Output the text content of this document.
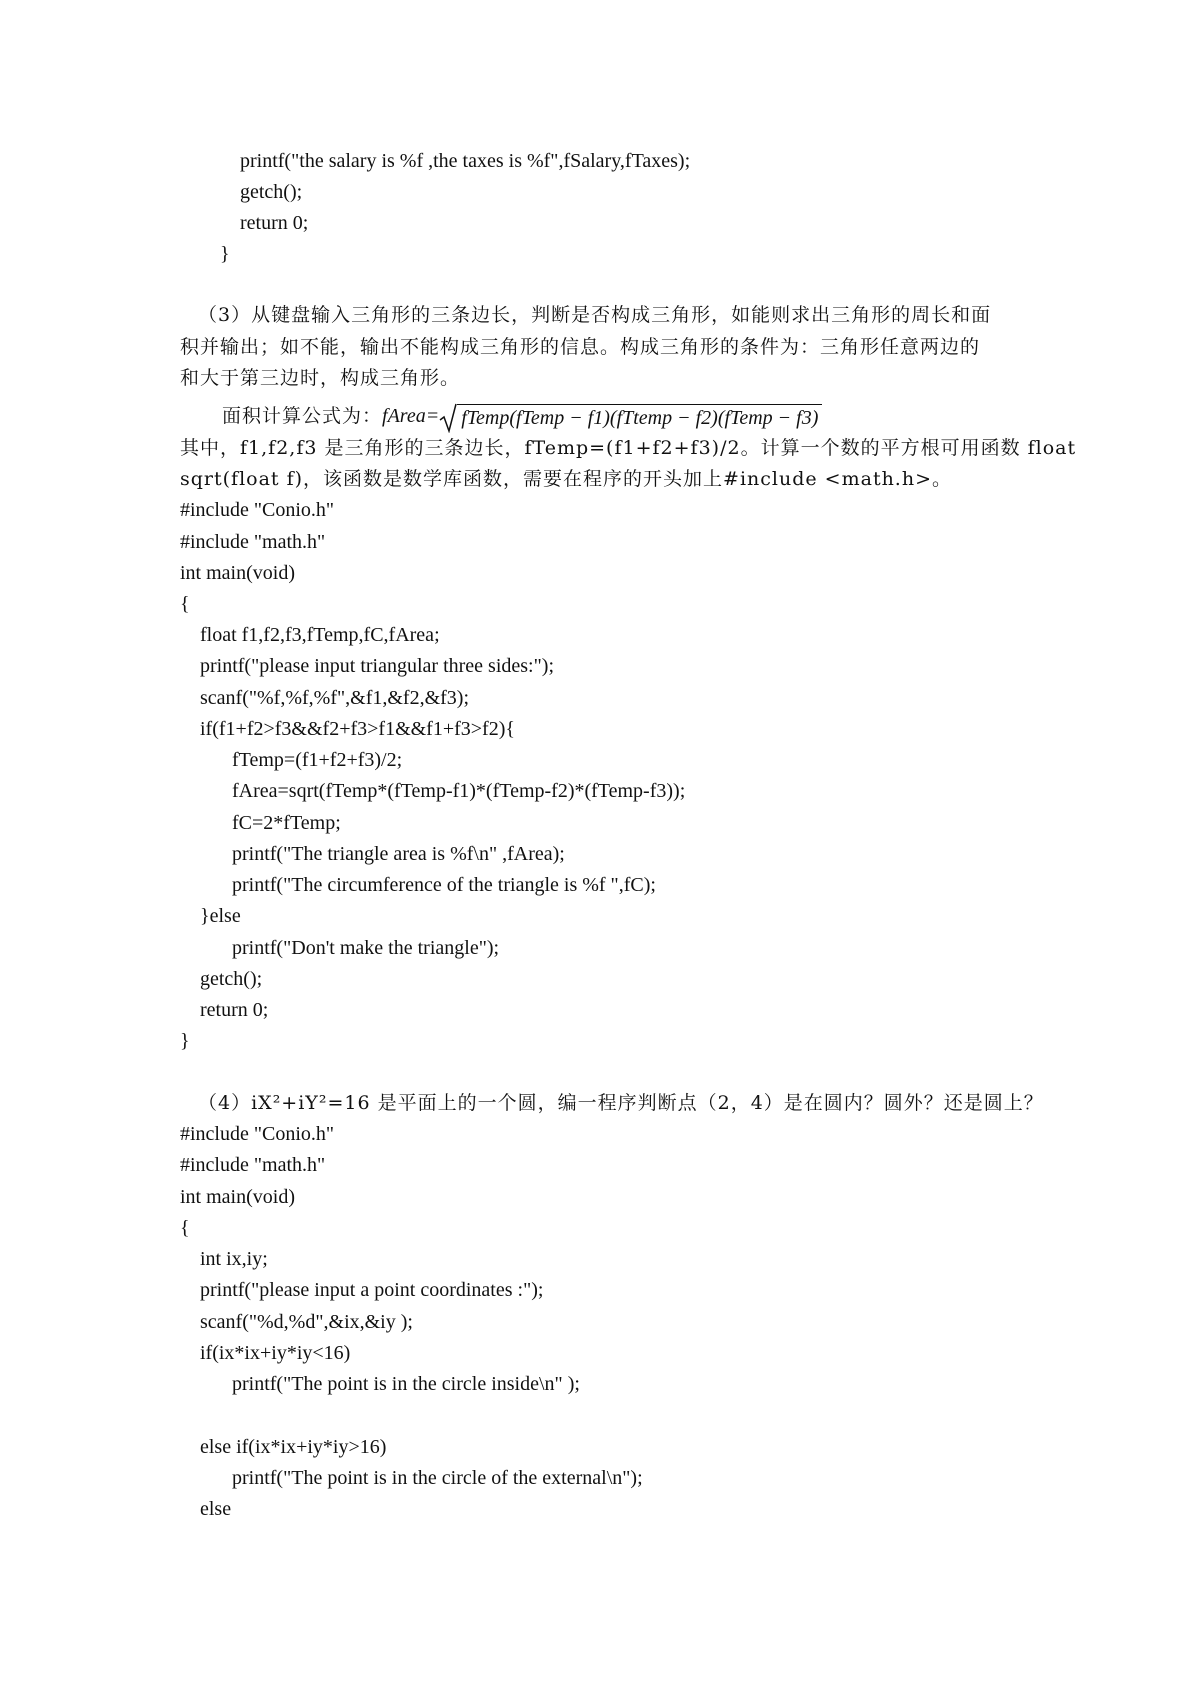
printf("the salary is %f ,the taxes is %f",fSalary,fTaxes);
getch();
return 0;
}
（3）从键盘输入三角形的三条边长，判断是否构成三角形，如能则求出三角形的周长和面
积并输出；如不能，输出不能构成三角形的信息。构成三角形的条件为：三角形任意两边的
和大于第三边时，构成三角形。
面积计算公式为：fArea= fTemp(fTemp − f1)(fTtemp − f2)(fTemp − f3)
其中，f1,f2,f3 是三角形的三条边长，fTemp=(f1+f2+f3)/2。计算一个数的平方根可用函数 float
sqrt(float f)，该函数是数学库函数，需要在程序的开头加上#include <math.h>。
#include "Conio.h"
#include "math.h"
int main(void)
{
float f1,f2,f3,fTemp,fC,fArea;
printf("please input triangular three sides:");
scanf("%f,%f,%f",&f1,&f2,&f3);
if(f1+f2>f3&&f2+f3>f1&&f1+f3>f2){
fTemp=(f1+f2+f3)/2;
fArea=sqrt(fTemp*(fTemp-f1)*(fTemp-f2)*(fTemp-f3));
fC=2*fTemp;
printf("The triangle area is %f\n" ,fArea);
printf("The circumference of the triangle is %f ",fC);
}else
printf("Don't make the triangle");
getch();
return 0;
}
（4）iX²+iY²=16 是平面上的一个圆，编一程序判断点（2，4）是在圆内？圆外？还是圆上？
#include "Conio.h"
#include "math.h"
int main(void)
{
int ix,iy;
printf("please input a point coordinates :");
scanf("%d,%d",&ix,&iy );
if(ix*ix+iy*iy<16)
printf("The point is in the circle inside\n" );
else if(ix*ix+iy*iy>16)
printf("The point is in the circle of the external\n");
else
